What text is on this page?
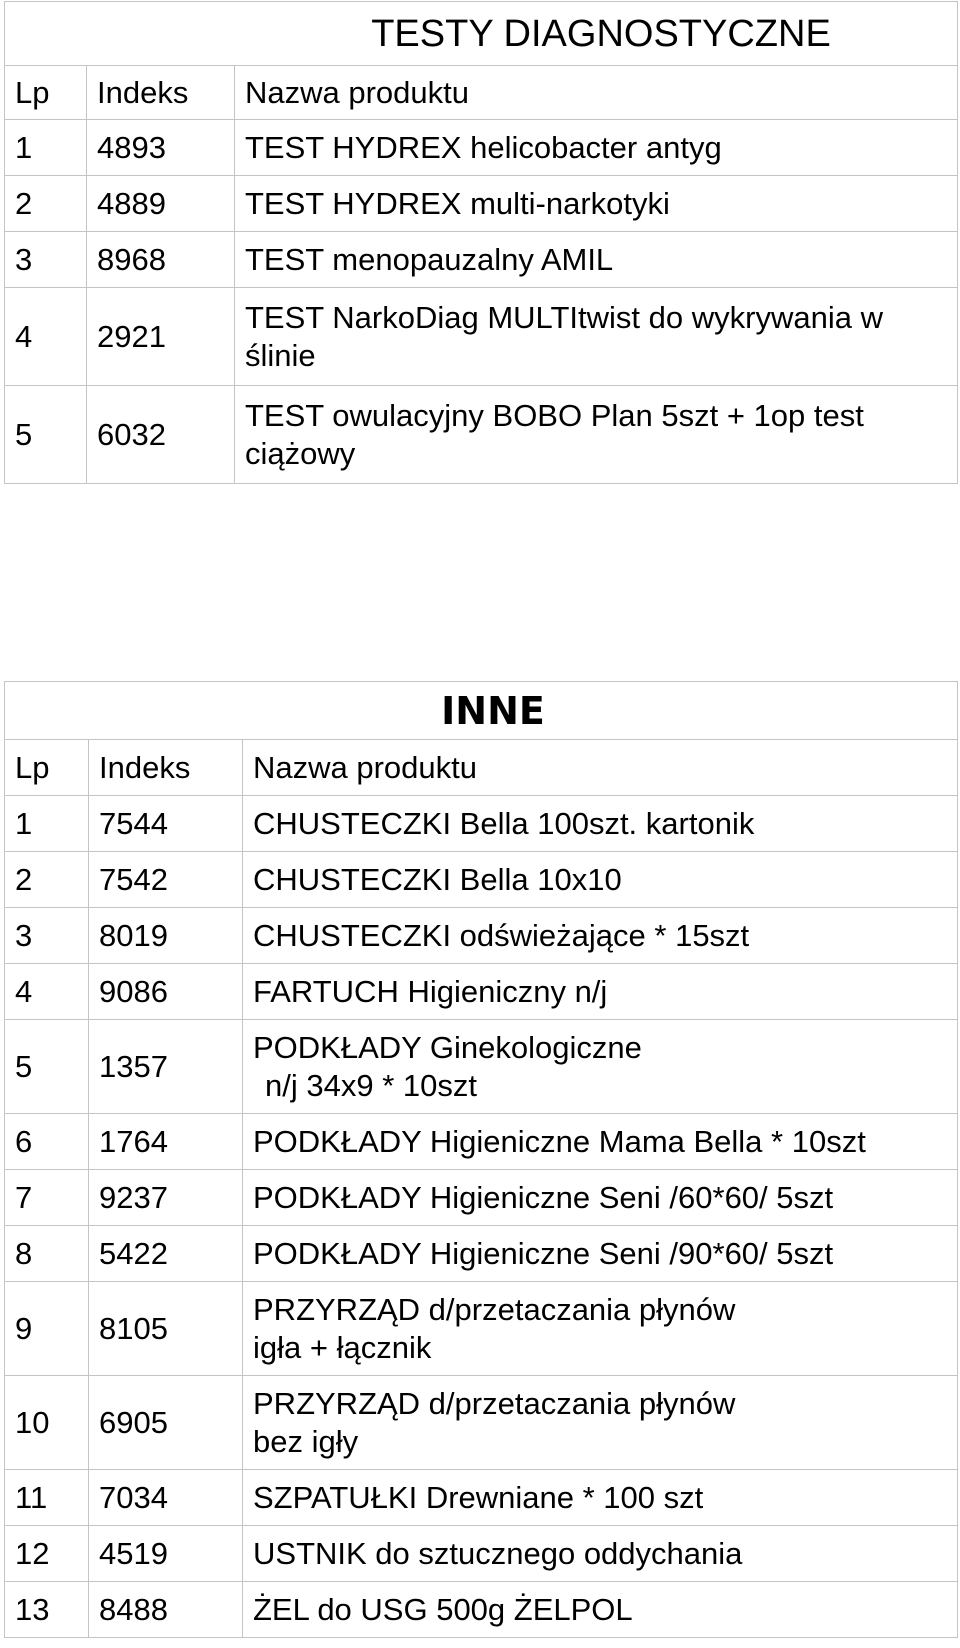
TESTY DIAGNOSTYCZNE		
Lp	Indeks	Nazwa produktu
1	4893	TEST HYDREX helicobacter antyg
2	4889	TEST HYDREX multi-narkotyki
3	8968	TEST menopauzalny AMIL
4	2921	TEST NarkoDiag MULTItwist do wykrywania w
ślinie

5	6032	TEST owulacyjny BOBO Plan 5szt + 1op test
ciążowy
INNE		
Lp	Indeks	Nazwa produktu
1	7544	CHUSTECZKI Bella 100szt. kartonik
2	7542	CHUSTECZKI Bella 10x10
3	8019	CHUSTECZKI odświeżające * 15szt
4	9086	FARTUCH Higieniczny n/j
5	1357	PODKŁADY Ginekologiczne
n/j 34x9 * 10szt

6	1764	PODKŁADY Higieniczne Mama Bella * 10szt
7	9237	PODKŁADY Higieniczne Seni /60*60/ 5szt
8	5422	PODKŁADY Higieniczne Seni /90*60/ 5szt
9	8105	PRZYRZĄD d/przetaczania płynów
igła + łącznik

10	6905	PRZYRZĄD d/przetaczania płynów
bez igły

11	7034	SZPATUŁKI Drewniane * 100 szt
12	4519	USTNIK do sztucznego oddychania
13	8488	ŻEL do USG 500g ŻELPOL
